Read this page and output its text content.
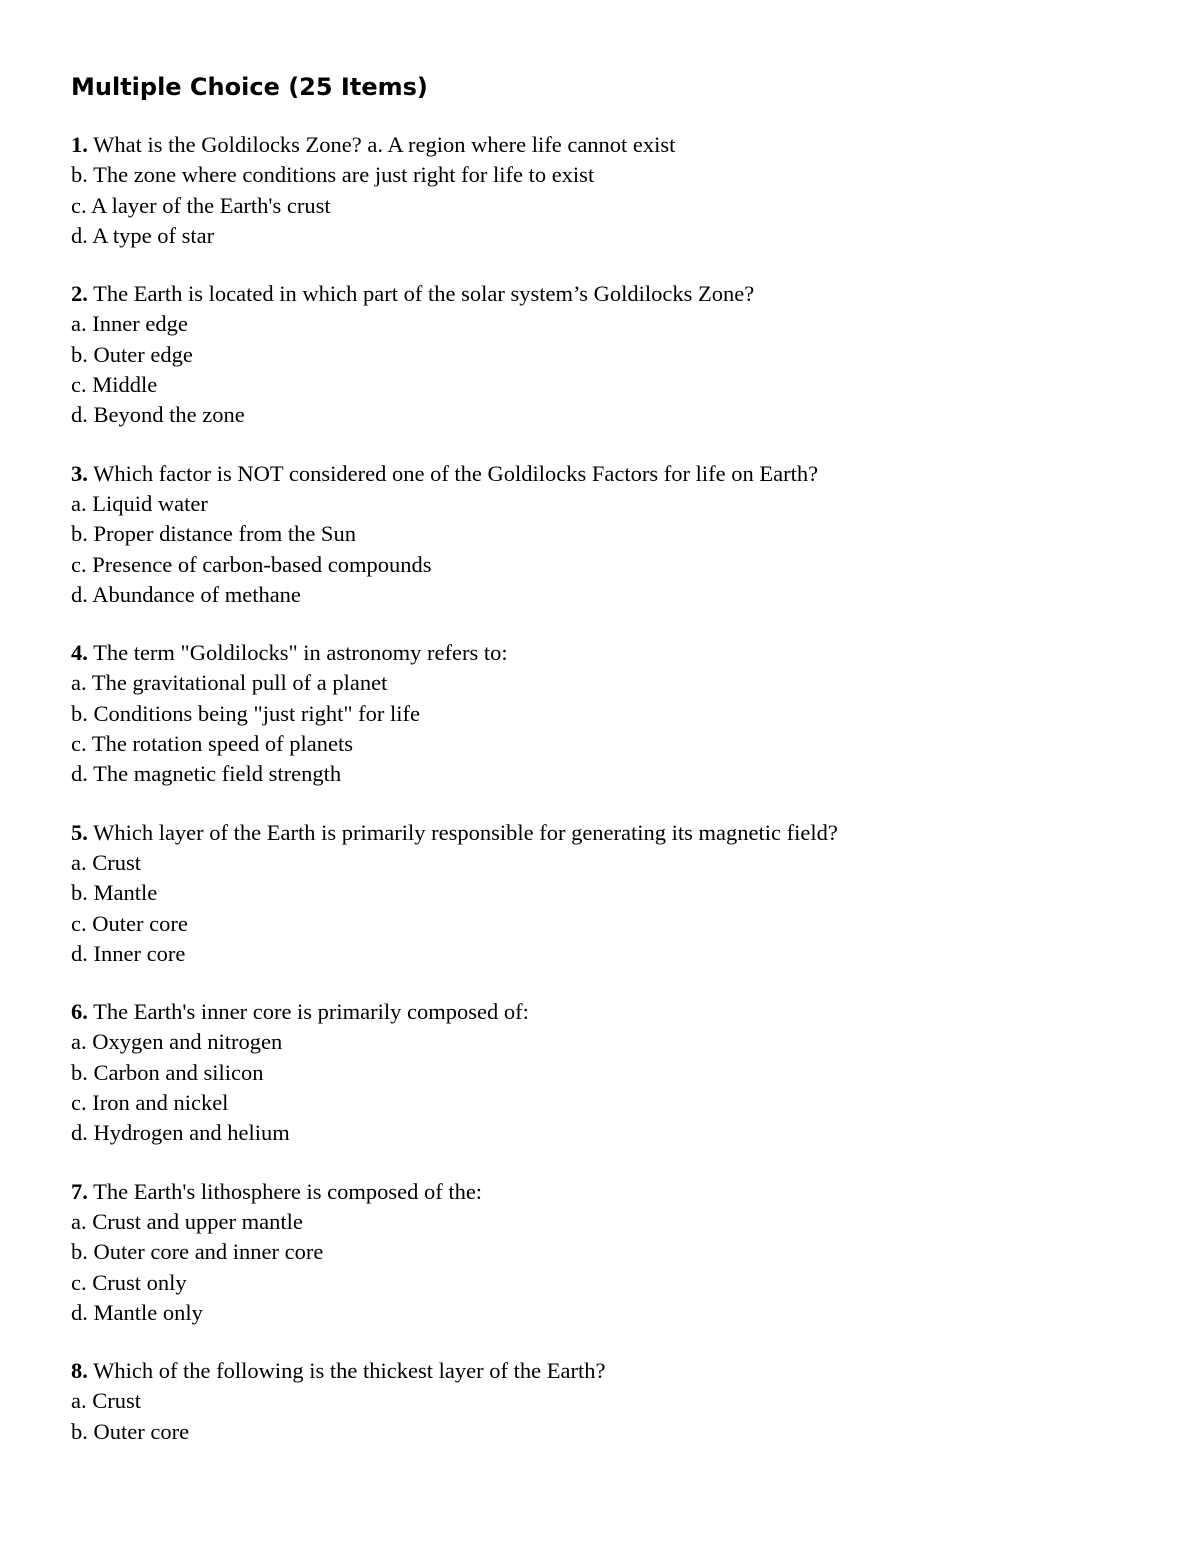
Multiple Choice (25 Items)
1. What is the Goldilocks Zone? a. A region where life cannot exist
b. The zone where conditions are just right for life to exist
c. A layer of the Earth's crust
d. A type of star
2. The Earth is located in which part of the solar system’s Goldilocks Zone?
a. Inner edge
b. Outer edge
c. Middle
d. Beyond the zone
3. Which factor is NOT considered one of the Goldilocks Factors for life on Earth?
a. Liquid water
b. Proper distance from the Sun
c. Presence of carbon-based compounds
d. Abundance of methane
4. The term "Goldilocks" in astronomy refers to:
a. The gravitational pull of a planet
b. Conditions being "just right" for life
c. The rotation speed of planets
d. The magnetic field strength
5. Which layer of the Earth is primarily responsible for generating its magnetic field?
a. Crust
b. Mantle
c. Outer core
d. Inner core
6. The Earth's inner core is primarily composed of:
a. Oxygen and nitrogen
b. Carbon and silicon
c. Iron and nickel
d. Hydrogen and helium
7. The Earth's lithosphere is composed of the:
a. Crust and upper mantle
b. Outer core and inner core
c. Crust only
d. Mantle only
8. Which of the following is the thickest layer of the Earth?
a. Crust
b. Outer core
